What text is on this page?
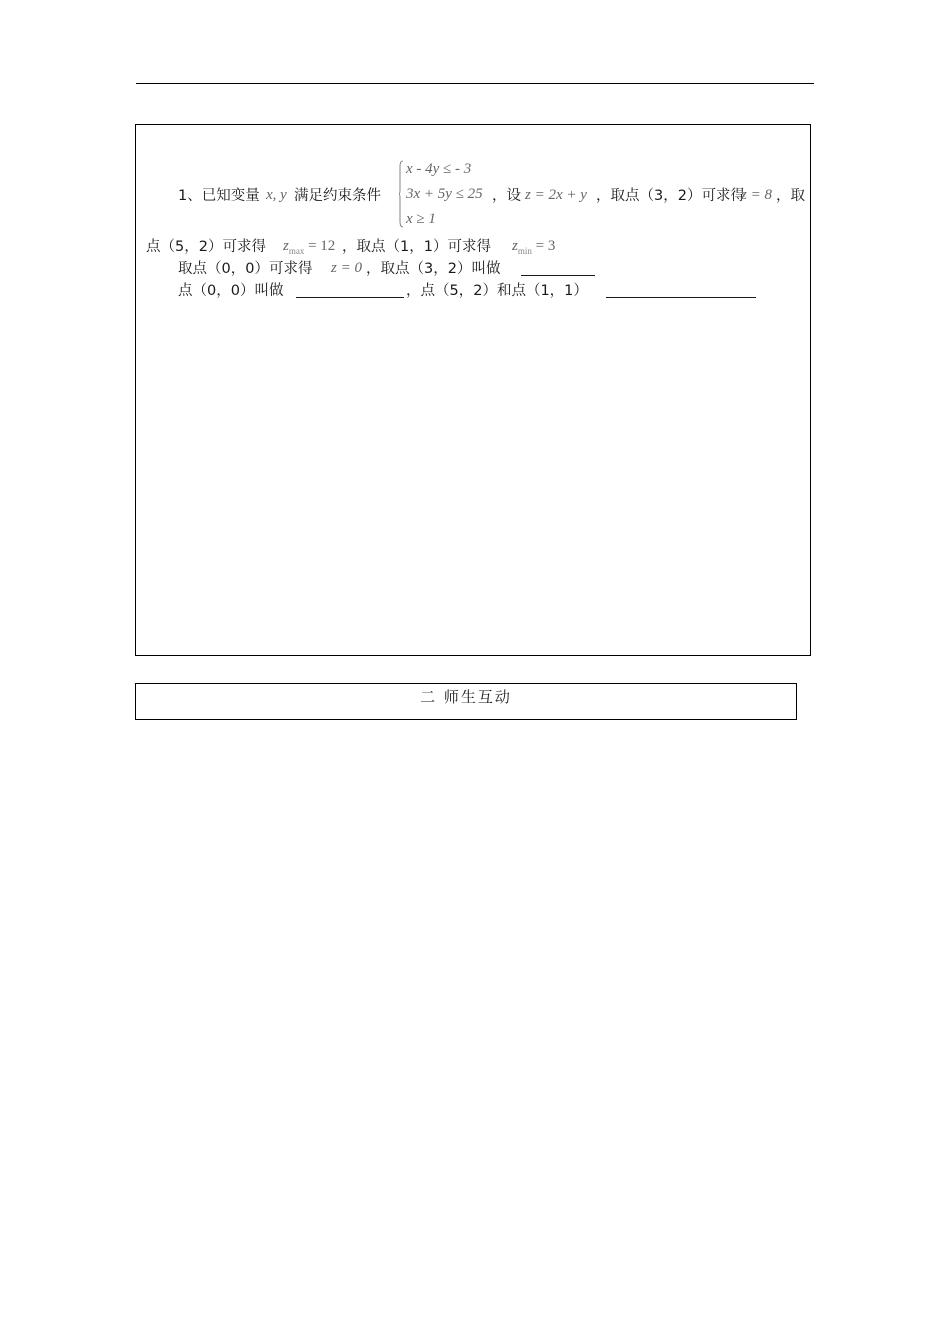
1、已知变量 x, y 满足约束条件
x - 4y ≤ - 3
3x + 5y ≤ 25
x ≥ 1
，设 z = 2x + y ，取点（3，2）可求得
z = 8 ，取
点（5，2）可求得 $z_{max} = 12$ ，取点（1，1）可求得 $z_{min} = 3$
取点（0，0）可求得 z = 0 ，取点（3，2）叫做
点（0，0）叫做	，点（5，2）和点（1，1）
二 师生互动
